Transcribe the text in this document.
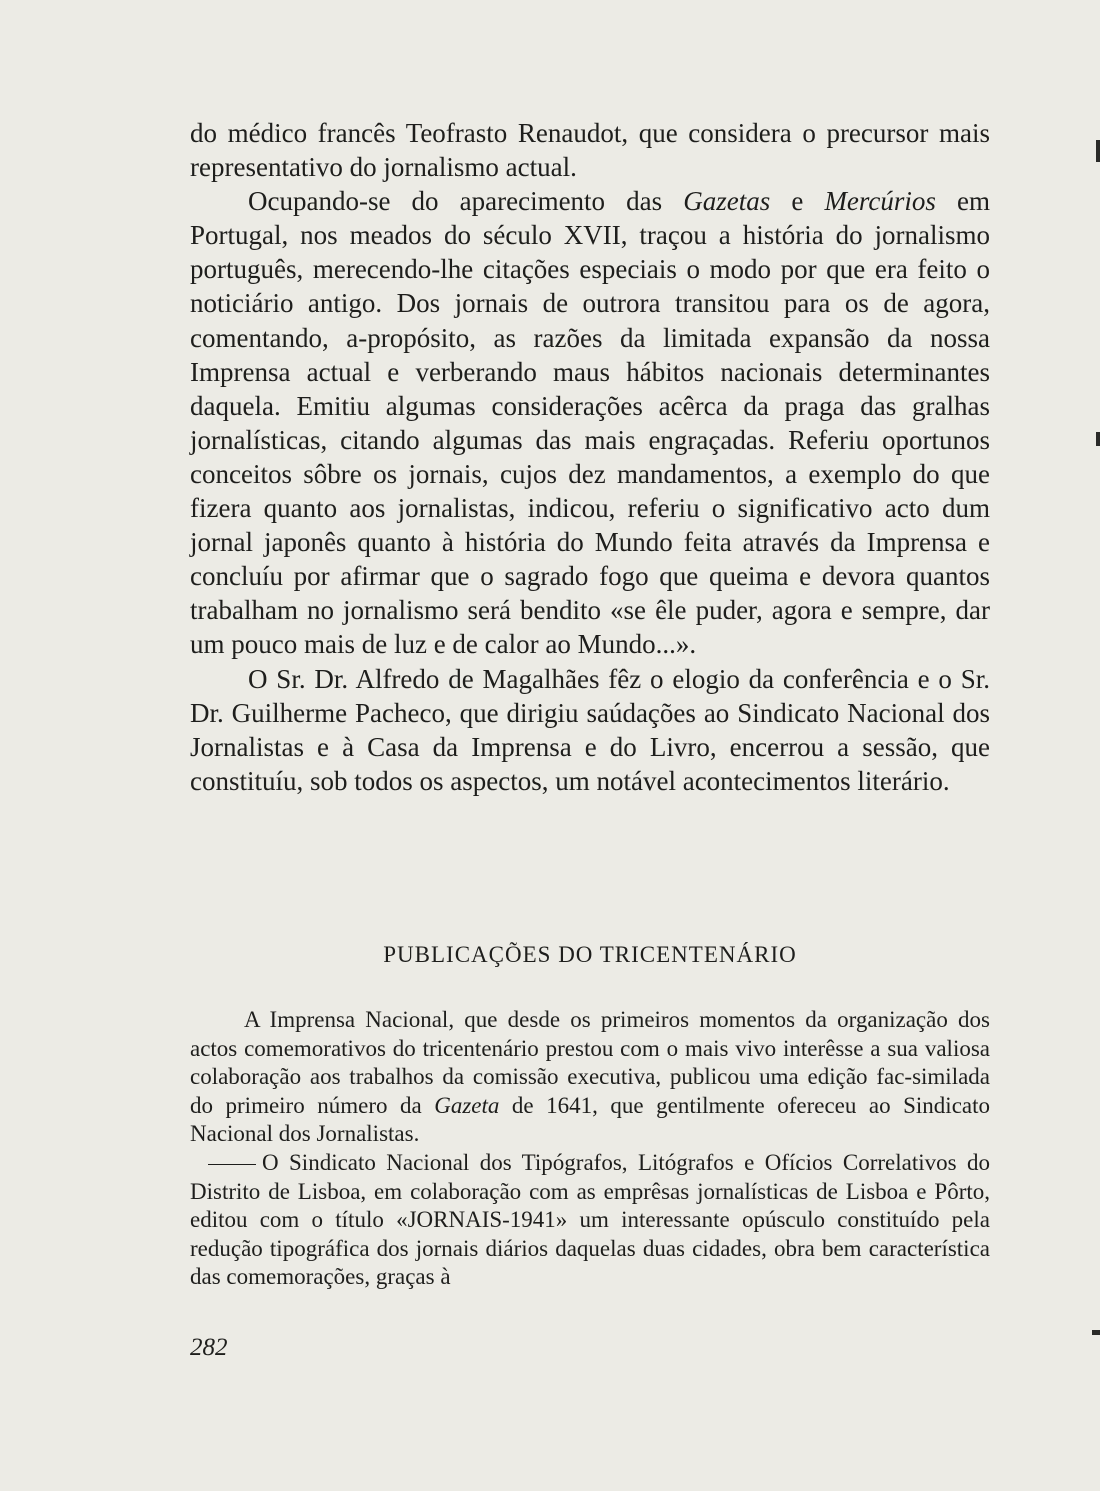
do médico francês Teofrasto Renaudot, que considera o precursor mais representativo do jornalismo actual.

Ocupando-se do aparecimento das Gazetas e Mercúrios em Portugal, nos meados do século XVII, traçou a história do jornalismo português, merecendo-lhe citações especiais o modo por que era feito o noticiário antigo. Dos jornais de outrora transitou para os de agora, comentando, a-propósito, as razões da limitada expansão da nossa Imprensa actual e verberando maus hábitos nacionais determinantes daquela. Emitiu algumas considerações acêrca da praga das gralhas jornalísticas, citando algumas das mais engraçadas. Referiu oportunos conceitos sôbre os jornais, cujos dez mandamentos, a exemplo do que fizera quanto aos jornalistas, indicou, referiu o significativo acto dum jornal japonês quanto à história do Mundo feita através da Imprensa e concluíu por afirmar que o sagrado fogo que queima e devora quantos trabalham no jornalismo será bendito «se êle puder, agora e sempre, dar um pouco mais de luz e de calor ao Mundo...».

O Sr. Dr. Alfredo de Magalhães fêz o elogio da conferência e o Sr. Dr. Guilherme Pacheco, que dirigiu saúdações ao Sindicato Nacional dos Jornalistas e à Casa da Imprensa e do Livro, encerrou a sessão, que constituíu, sob todos os aspectos, um notável acontecimentos literário.

PUBLICAÇÕES DO TRICENTENÁRIO

A Imprensa Nacional, que desde os primeiros momentos da organização dos actos comemorativos do tricentenário prestou com o mais vivo interêsse a sua valiosa colaboração aos trabalhos da comissão executiva, publicou uma edição fac-similada do primeiro número da Gazeta de 1641, que gentilmente ofereceu ao Sindicato Nacional dos Jornalistas.

O Sindicato Nacional dos Tipógrafos, Litógrafos e Ofícios Correlativos do Distrito de Lisboa, em colaboração com as emprêsas jornalísticas de Lisboa e Pôrto, editou com o título «JORNAIS-1941» um interessante opúsculo constituído pela redução tipográfica dos jornais diários daquelas duas cidades, obra bem característica das comemorações, graças à

282
